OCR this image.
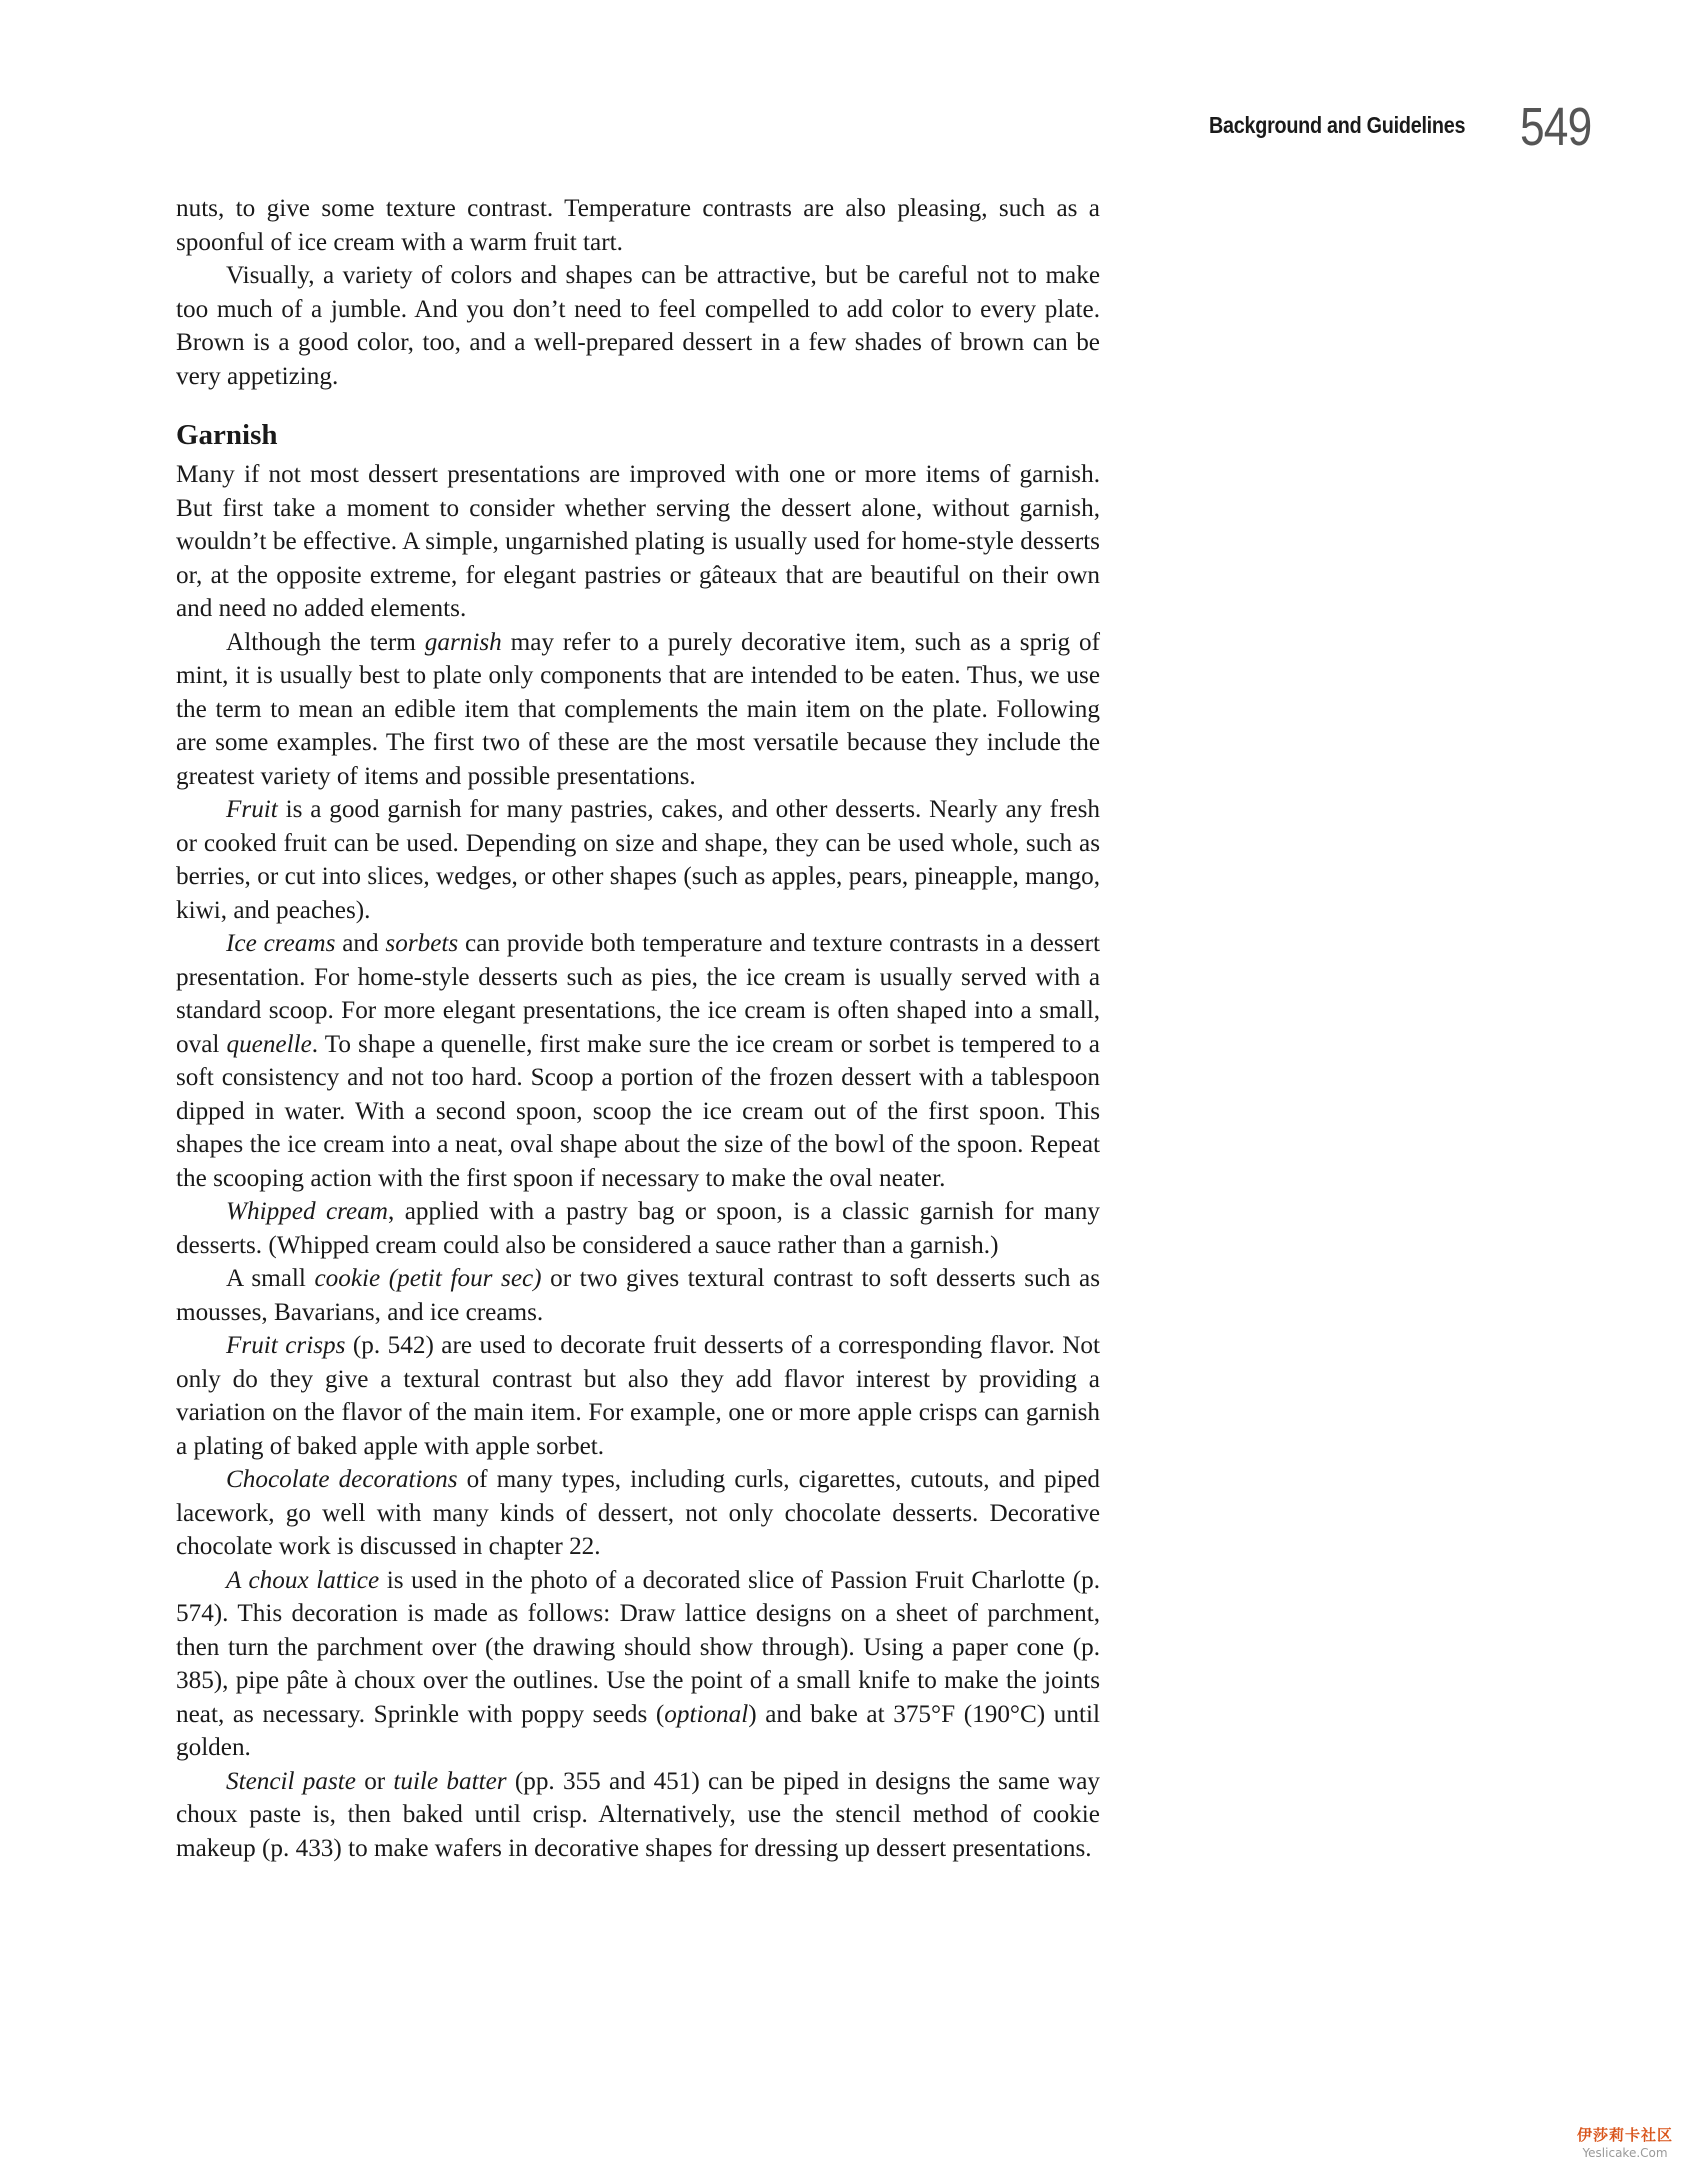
Background and Guidelines 549

nuts, to give some texture contrast. Temperature contrasts are also pleasing, such as a spoonful of ice cream with a warm fruit tart.

Visually, a variety of colors and shapes can be attractive, but be careful not to make too much of a jumble. And you don’t need to feel compelled to add color to every plate. Brown is a good color, too, and a well-prepared dessert in a few shades of brown can be very appetizing.

Garnish

Many if not most dessert presentations are improved with one or more items of garnish. But first take a moment to consider whether serving the dessert alone, without garnish, wouldn’t be effective. A simple, ungarnished plating is usually used for home-style desserts or, at the opposite extreme, for elegant pastries or gâteaux that are beautiful on their own and need no added elements.

Although the term garnish may refer to a purely decorative item, such as a sprig of mint, it is usually best to plate only components that are intended to be eaten. Thus, we use the term to mean an edible item that complements the main item on the plate. Following are some examples. The first two of these are the most versatile because they include the greatest variety of items and possible presentations.

Fruit is a good garnish for many pastries, cakes, and other desserts. Nearly any fresh or cooked fruit can be used. Depending on size and shape, they can be used whole, such as berries, or cut into slices, wedges, or other shapes (such as apples, pears, pineapple, mango, kiwi, and peaches).

Ice creams and sorbets can provide both temperature and texture contrasts in a dessert presentation. For home-style desserts such as pies, the ice cream is usually served with a standard scoop. For more elegant presentations, the ice cream is often shaped into a small, oval quenelle. To shape a quenelle, first make sure the ice cream or sorbet is tempered to a soft consistency and not too hard. Scoop a portion of the frozen dessert with a tablespoon dipped in water. With a second spoon, scoop the ice cream out of the first spoon. This shapes the ice cream into a neat, oval shape about the size of the bowl of the spoon. Repeat the scooping action with the first spoon if necessary to make the oval neater.

Whipped cream, applied with a pastry bag or spoon, is a classic garnish for many desserts. (Whipped cream could also be considered a sauce rather than a garnish.)

A small cookie (petit four sec) or two gives textural contrast to soft desserts such as mousses, Bavarians, and ice creams.

Fruit crisps (p. 542) are used to decorate fruit desserts of a corresponding flavor. Not only do they give a textural contrast but also they add flavor interest by providing a variation on the flavor of the main item. For example, one or more apple crisps can garnish a plating of baked apple with apple sorbet.

Chocolate decorations of many types, including curls, cigarettes, cutouts, and piped lacework, go well with many kinds of dessert, not only chocolate desserts. Decorative chocolate work is discussed in chapter 22.

A choux lattice is used in the photo of a decorated slice of Passion Fruit Charlotte (p. 574). This decoration is made as follows: Draw lattice designs on a sheet of parchment, then turn the parchment over (the drawing should show through). Using a paper cone (p. 385), pipe pâte à choux over the outlines. Use the point of a small knife to make the joints neat, as necessary. Sprinkle with poppy seeds (optional) and bake at 375°F (190°C) until golden.

Stencil paste or tuile batter (pp. 355 and 451) can be piped in designs the same way choux paste is, then baked until crisp. Alternatively, use the stencil method of cookie makeup (p. 433) to make wafers in decorative shapes for dressing up dessert presentations.

伊莎莉卡社区
Yeslicake.Com
